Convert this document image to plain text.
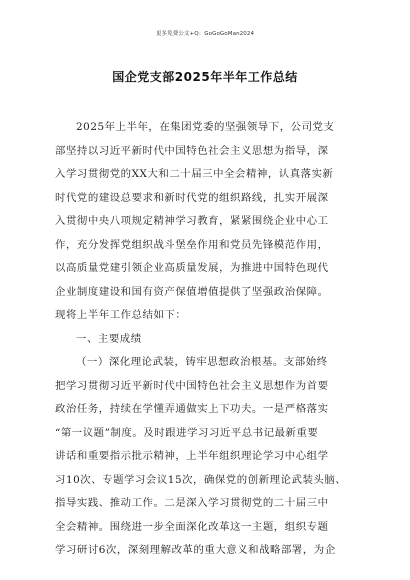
更多免费公文+Q：GoGoGoMan2024
国企党支部2025年半年工作总结
2025年上半年，在集团党委的坚强领导下，公司党支
部坚持以习近平新时代中国特色社会主义思想为指导，深
入学习贯彻党的XX大和二十届三中全会精神，认真落实新
时代党的建设总要求和新时代党的组织路线，扎实开展深
入贯彻中央八项规定精神学习教育，紧紧围绕企业中心工
作，充分发挥党组织战斗堡垒作用和党员先锋模范作用，
以高质量党建引领企业高质量发展，为推进中国特色现代
企业制度建设和国有资产保值增值提供了坚强政治保障。
现将上半年工作总结如下：
一、主要成绩
（一）深化理论武装，铸牢思想政治根基。支部始终
把学习贯彻习近平新时代中国特色社会主义思想作为首要
政治任务，持续在学懂弄通做实上下功夫。一是严格落实
“第一议题”制度。及时跟进学习习近平总书记最新重要
讲话和重要指示批示精神，上半年组织理论学习中心组学
习10次、专题学习会议15次，确保党的创新理论武装头脑、
指导实践、推动工作。二是深入学习贯彻党的二十届三中
全会精神。围绕进一步全面深化改革这一主题，组织专题
学习研讨6次，深刻理解改革的重大意义和战略部署，为企
